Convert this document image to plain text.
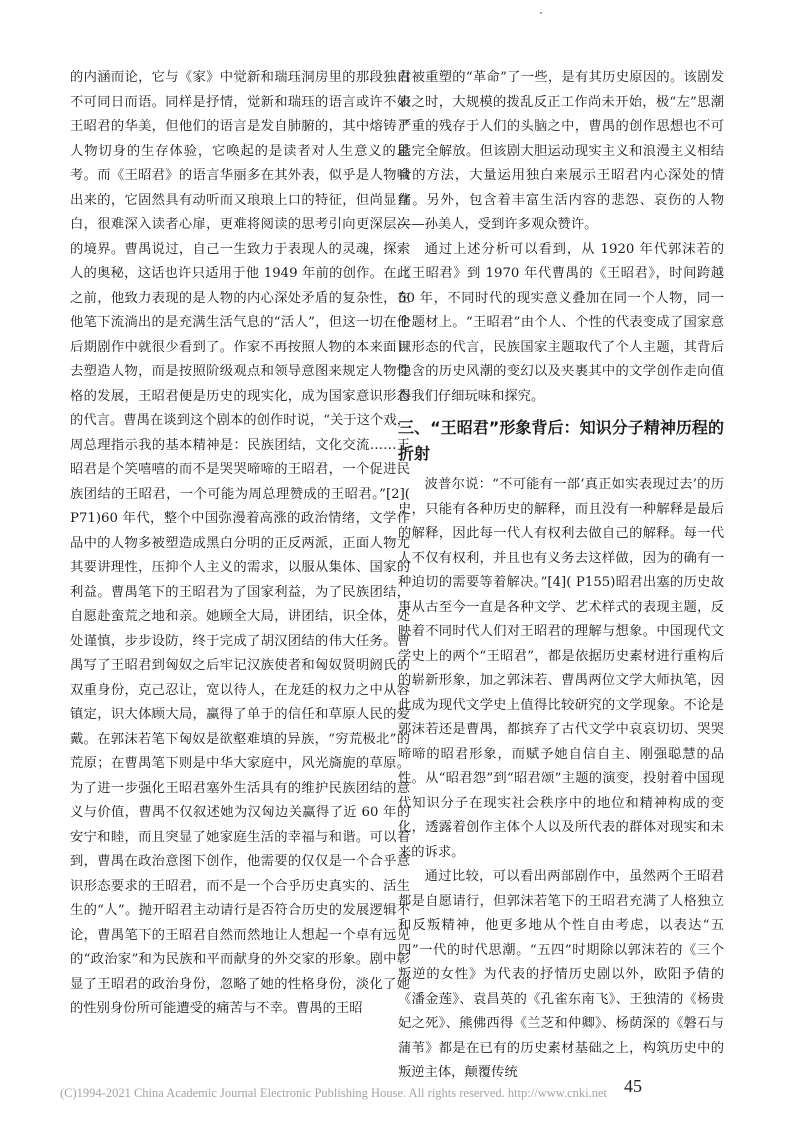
的内涵而论，它与《家》中觉新和瑞珏洞房里的那段独白不可同日而语。同样是抒情，觉新和瑞珏的语言或许不如王昭君的华美，但他们的语言是发自肺腑的，其中熔铸了人物切身的生存体验，它唤起的是读者对人生意义的思考。而《王昭君》的语言华丽多在其外表，似乎是人物喊出来的，它固然具有动听而又琅琅上口的特征，但尚显直白，很难深入读者心扉，更难将阅读的思考引向更深层次的境界。曹禺说过，自己一生致力于表现人的灵魂，探索人的奥秘，这话也许只适用于他 1949 年前的创作。在此之前，他致力表现的是人物的内心深处矛盾的复杂性，在他笔下流淌出的是充满生活气息的“活人”，但这一切在他后期剧作中就很少看到了。作家不再按照人物的本来面目去塑造人物，而是按照阶级观点和领导意图来规定人物性格的发展，王昭君便是历史的现实化，成为国家意识形态的代言。曹禺在谈到这个剧本的创作时说，“关于这个戏，周总理指示我的基本精神是：民族团结，文化交流……王昭君是个笑嘻嘻的而不是哭哭啼啼的王昭君，一个促进民族团结的王昭君，一个可能为周总理赞成的王昭君。”[2]( P71)60 年代，整个中国弥漫着高涨的政治情绪，文学作品中的人物多被塑造成黑白分明的正反两派，正面人物尤其要讲理性，压抑个人主义的需求，以服从集体、国家的利益。曹禺笔下的王昭君为了国家利益，为了民族团结，自愿赴蛮荒之地和亲。她顾全大局，讲团结，识全体，处处谨慎，步步设防，终于完成了胡汉团结的伟大任务。曹禺写了王昭君到匈奴之后牢记汉族使者和匈奴贤明阏氏的双重身份，克己忍让，宽以待人，在龙廷的权力之中从容镇定，识大体顾大局，赢得了单于的信任和草原人民的爱戴。在郭沫若笔下匈奴是欲壑难填的异族，“穷荒极北”的荒原；在曹禺笔下则是中华大家庭中，风光旖旎的草原。为了进一步强化王昭君塞外生活具有的维护民族团结的意义与价值，曹禺不仅叙述她为汉匈边关赢得了近 60 年的安宁和睦，而且突显了她家庭生活的幸福与和谐。可以看到，曹禺在政治意图下创作，他需要的仅仅是一个合乎意识形态要求的王昭君，而不是一个合乎历史真实的、活生生的“人”。抛开昭君主动请行是否符合历史的发展逻辑不论，曹禺笔下的王昭君自然而然地让人想起一个卓有远见的“政治家”和为民族和平而献身的外交家的形象。剧中彰显了王昭君的政治身份，忽略了她的性格身份，淡化了她的性别身份所可能遭受的痛苦与不幸。曹禺的王昭

君被重塑的“革命”了一些，是有其历史原因的。该剧发表之时，大规模的拨乱反正工作尚未开始，极“左”思潮严重的残存于人们的头脑之中，曹禺的创作思想也不可能完全解放。但该剧大胆运动现实主义和浪漫主义相结合的方法，大量运用独白来展示王昭君内心深处的情绪。另外，包含着丰富生活内容的悲怨、哀伤的人物——孙美人，受到许多观众赞许。

通过上述分析可以看到，从 1920 年代郭沫若的《王昭君》到 1970 年代曹禺的《王昭君》，时间跨越 50 年，不同时代的现实意义叠加在同一个人物，同一个题材上。“王昭君”由个人、个性的代表变成了国家意识形态的代言，民族国家主题取代了个人主题，其背后隐含的历史风潮的变幻以及夹裹其中的文学创作走向值得我们仔细玩味和探究。

三、“王昭君”形象背后：知识分子精神历程的折射

波普尔说：“不可能有一部‘真正如实表现过去’的历史，只能有各种历史的解释，而且没有一种解释是最后的解释，因此每一代人有权利去做自己的解释。每一代人不仅有权利，并且也有义务去这样做，因为的确有一种迫切的需要等着解决。”[4]( P155)昭君出塞的历史故事从古至今一直是各种文学、艺术样式的表现主题，反映着不同时代人们对王昭君的理解与想象。中国现代文学史上的两个“王昭君”，都是依据历史素材进行重构后的崭新形象，加之郭沫若、曹禺两位文学大师执笔，因此成为现代文学史上值得比较研究的文学现象。不论是郭沫若还是曹禺，都摈弃了古代文学中哀哀切切、哭哭啼啼的昭君形象，而赋予她自信自主、刚强聪慧的品性。从“昭君怨”到“昭君颂”主题的演变，投射着中国现代知识分子在现实社会秩序中的地位和精神构成的变化，透露着创作主体个人以及所代表的群体对现实和未来的诉求。

通过比较，可以看出两部剧作中，虽然两个王昭君都是自愿请行，但郭沫若笔下的王昭君充满了人格独立和反叛精神，他更多地从个性自由考虑，以表达“五四”一代的时代思潮。“五四”时期除以郭沫若的《三个叛逆的女性》为代表的抒情历史剧以外，欧阳予倩的《潘金莲》、袁昌英的《孔雀东南飞》、王独清的《杨贵妃之死》、熊佛西得《兰芝和仲卿》、杨荫深的《磐石与蒲苇》都是在已有的历史素材基础之上，构筑历史中的叛逆主体，颠覆传统

(C)1994-2021 China Academic Journal Electronic Publishing House. All rights reserved. http://www.cnki.net 45
